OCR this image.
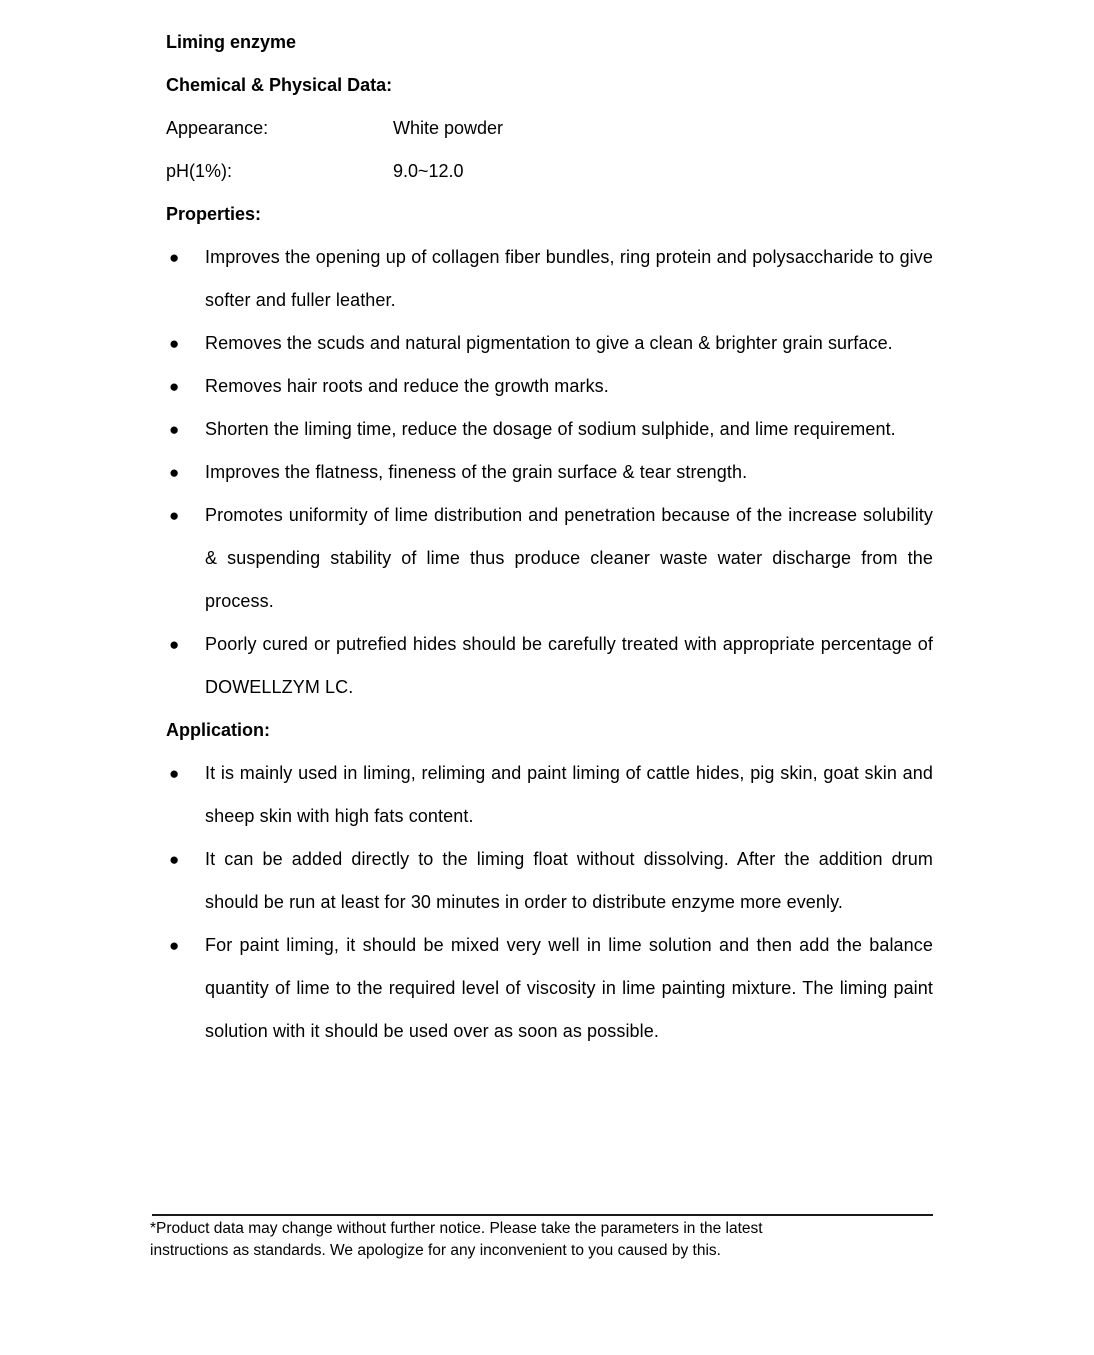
Liming enzyme
Chemical & Physical Data:
Appearance:	White powder
pH(1%):	9.0~12.0
Properties:
● Improves the opening up of collagen fiber bundles, ring protein and polysaccharide to give softer and fuller leather.
● Removes the scuds and natural pigmentation to give a clean & brighter grain surface.
● Removes hair roots and reduce the growth marks.
● Shorten the liming time, reduce the dosage of sodium sulphide, and lime requirement.
● Improves the flatness, fineness of the grain surface & tear strength.
● Promotes uniformity of lime distribution and penetration because of the increase solubility & suspending stability of lime thus produce cleaner waste water discharge from the process.
● Poorly cured or putrefied hides should be carefully treated with appropriate percentage of DOWELLZYM LC.
Application:
● It is mainly used in liming, reliming and paint liming of cattle hides, pig skin, goat skin and sheep skin with high fats content.
● It can be added directly to the liming float without dissolving. After the addition drum should be run at least for 30 minutes in order to distribute enzyme more evenly.
● For paint liming, it should be mixed very well in lime solution and then add the balance quantity of lime to the required level of viscosity in lime painting mixture. The liming paint solution with it should be used over as soon as possible.
*Product data may change without further notice. Please take the parameters in the latest
instructions as standards. We apologize for any inconvenient to you caused by this.
